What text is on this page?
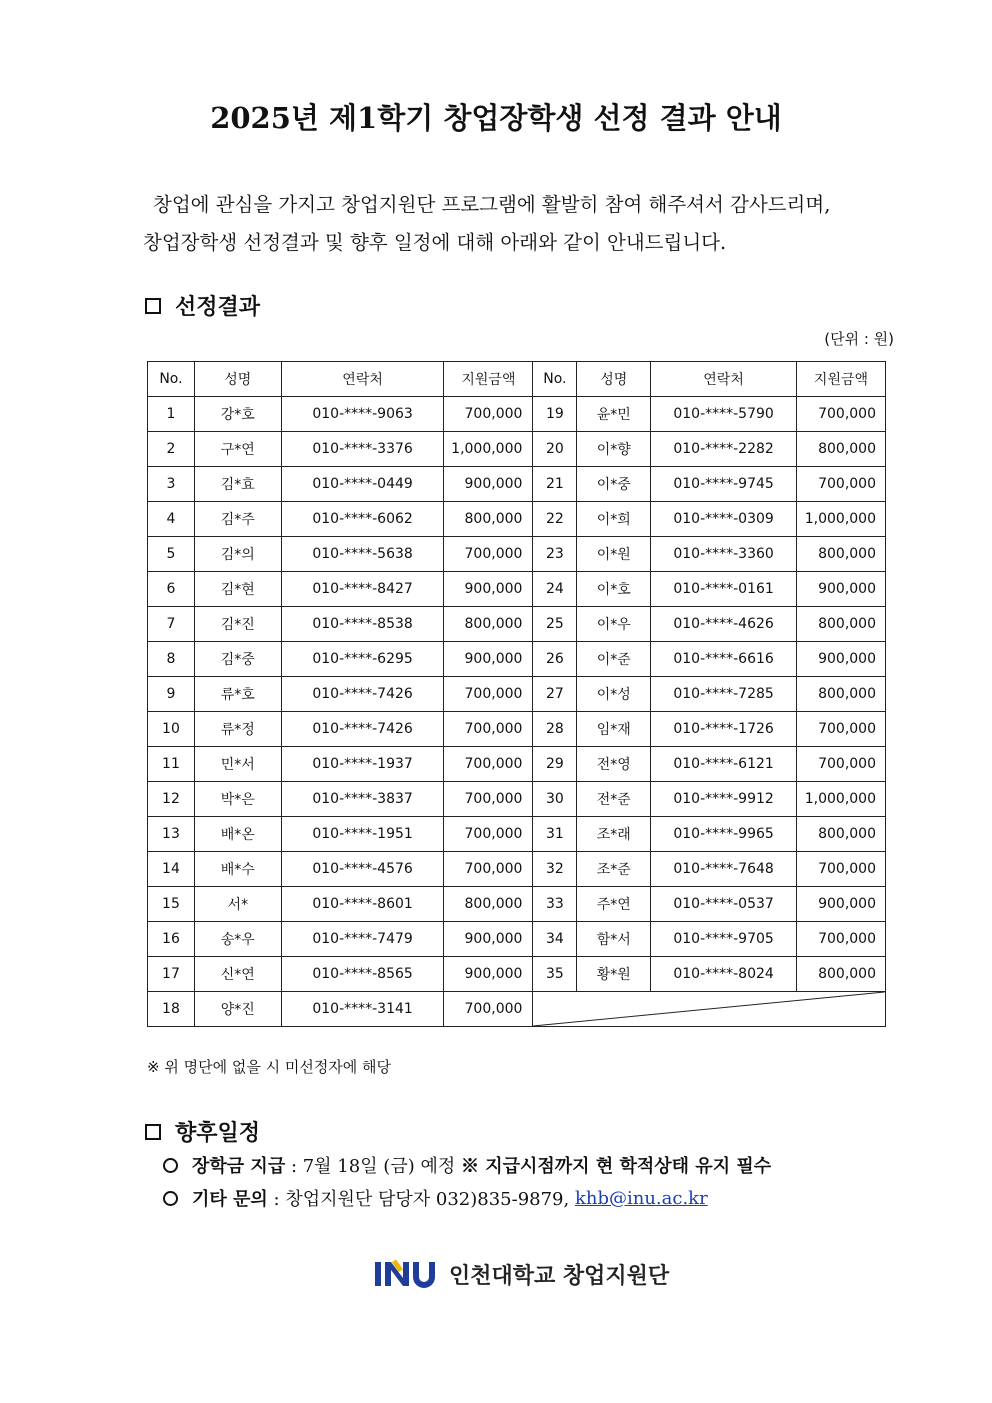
2025년 제1학기 창업장학생 선정 결과 안내
창업에 관심을 가지고 창업지원단 프로그램에 활발히 참여 해주셔서 감사드리며,
창업장학생 선정결과 및 향후 일정에 대해 아래와 같이 안내드립니다.
선정결과
(단위 : 원)
No.	성명	연락처	지원금액	No.	성명	연락처	지원금액
1	강*호	010-****-9063	700,000	19	윤*민	010-****-5790	700,000
2	구*연	010-****-3376	1,000,000	20	이*향	010-****-2282	800,000
3	김*효	010-****-0449	900,000	21	이*중	010-****-9745	700,000
4	김*주	010-****-6062	800,000	22	이*희	010-****-0309	1,000,000
5	김*의	010-****-5638	700,000	23	이*원	010-****-3360	800,000
6	김*현	010-****-8427	900,000	24	이*호	010-****-0161	900,000
7	김*진	010-****-8538	800,000	25	이*우	010-****-4626	800,000
8	김*중	010-****-6295	900,000	26	이*준	010-****-6616	900,000
9	류*호	010-****-7426	700,000	27	이*성	010-****-7285	800,000
10	류*정	010-****-7426	700,000	28	임*재	010-****-1726	700,000
11	민*서	010-****-1937	700,000	29	전*영	010-****-6121	700,000
12	박*은	010-****-3837	700,000	30	전*준	010-****-9912	1,000,000
13	배*온	010-****-1951	700,000	31	조*래	010-****-9965	800,000
14	배*수	010-****-4576	700,000	32	조*준	010-****-7648	700,000
15	서*	010-****-8601	800,000	33	주*연	010-****-0537	900,000
16	송*우	010-****-7479	900,000	34	함*서	010-****-9705	700,000
17	신*연	010-****-8565	900,000	35	황*원	010-****-8024	800,000
18	양*진	010-****-3141	700,000	
※ 위 명단에 없을 시 미선정자에 해당
향후일정
장학금 지급 : 7월 18일 (금) 예정 ※ 지급시점까지 현 학적상태 유지 필수
기타 문의 : 창업지원단 담당자 032)835-9879, khb@inu.ac.kr
인천대학교 창업지원단
